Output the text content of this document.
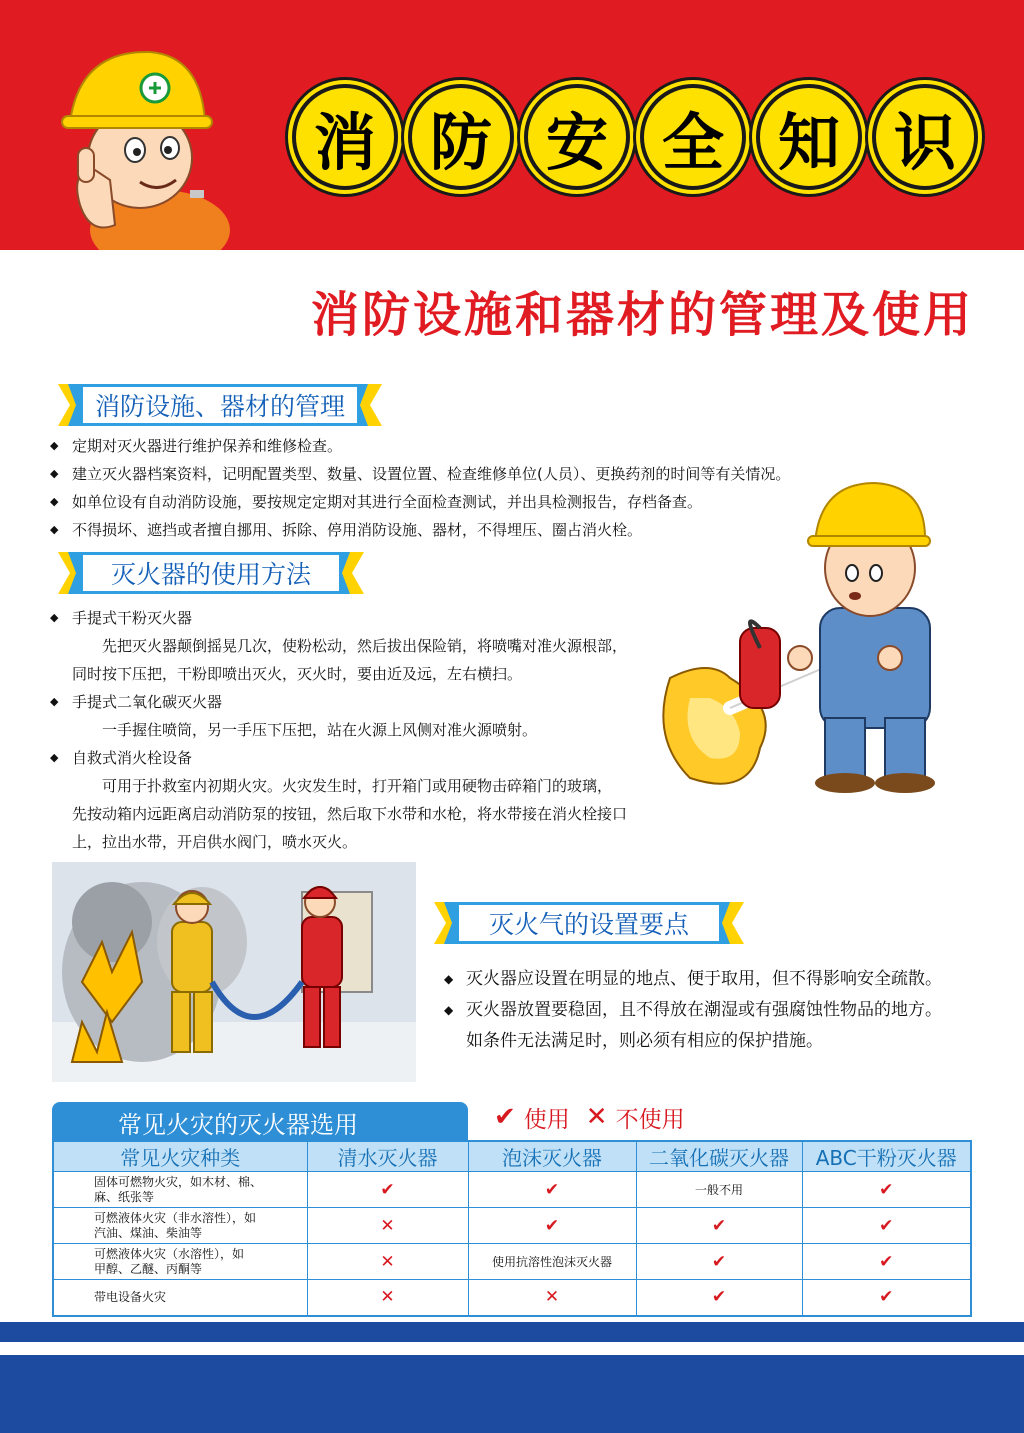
消 防 安 全 知 识
消防设施和器材的管理及使用
消防设施、器材的管理
◆ 定期对灭火器进行维护保养和维修检查。
◆ 建立灭火器档案资料，记明配置类型、数量、设置位置、检查维修单位(人员）、更换药剂的时间等有关情况。
◆ 如单位设有自动消防设施，要按规定定期对其进行全面检查测试，并出具检测报告，存档备查。
◆ 不得损坏、遮挡或者擅自挪用、拆除、停用消防设施、器材，不得埋压、圈占消火栓。
灭火器的使用方法
◆ 手提式干粉灭火器
先把灭火器颠倒摇晃几次，使粉松动，然后拔出保险销，将喷嘴对准火源根部，
同时按下压把，干粉即喷出灭火，灭火时，要由近及远，左右横扫。
◆ 手提式二氧化碳灭火器
一手握住喷筒，另一手压下压把，站在火源上风侧对准火源喷射。
◆ 自救式消火栓设备
可用于扑救室内初期火灾。火灾发生时，打开箱门或用硬物击碎箱门的玻璃，
先按动箱内远距离启动消防泵的按钮，然后取下水带和水枪，将水带接在消火栓接口
上，拉出水带，开启供水阀门，喷水灭火。
灭火气的设置要点
◆ 灭火器应设置在明显的地点、便于取用，但不得影响安全疏散。
◆ 灭火器放置要稳固，且不得放在潮湿或有强腐蚀性物品的地方。
如条件无法满足时，则必须有相应的保护措施。
常见火灾的灭火器选用	✔ 使用 ✕ 不使用
常见火灾种类	清水灭火器	泡沫灭火器	二氧化碳灭火器	ABC干粉灭火器

固体可燃物火灾，如木材、棉、
麻、纸张等	✔	✔	一般不用	✔

可燃液体火灾（非水溶性），如
汽油、煤油、柴油等	✕	✔	✔	✔

可燃液体火灾（水溶性），如
甲醇、乙醚、丙酮等	✕	使用抗溶性泡沫灭火器	✔	✔

带电设备火灾	✕	✕	✔	✔
